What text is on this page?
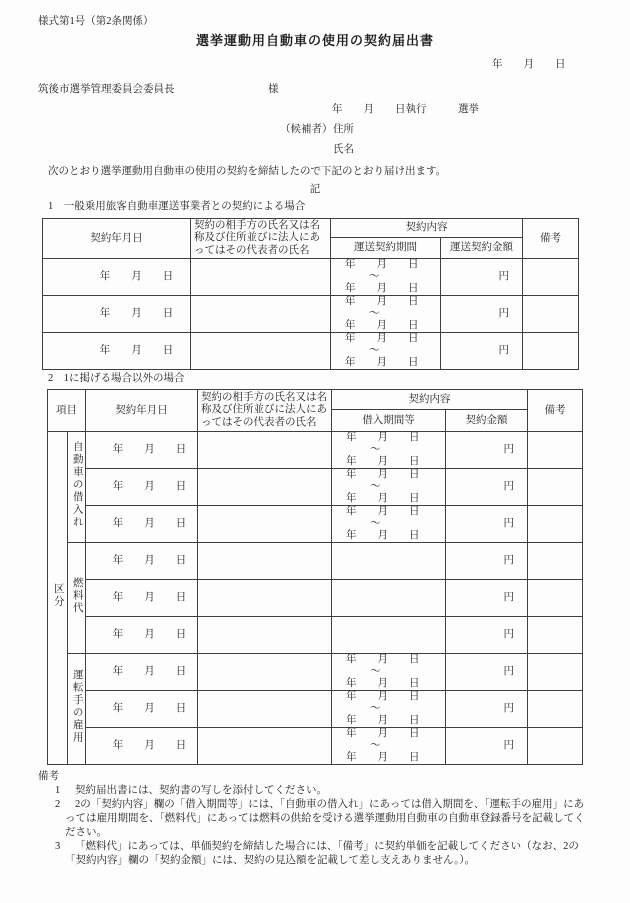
様式第1号（第2条関係）
選挙運動用自動車の使用の契約届出書
年　　月　　日
筑後市選挙管理委員会委員長	様
年　　月　　日執行　　　選挙
（候補者） 住所
氏名
次のとおり選挙運動用自動車の使用の契約を締結したので下記のとおり届け出ます。
記
1　一般乗用旅客自動車運送事業者との契約による場合
契約年月日	契約の相手方の氏名又は名称及び住所並びに法人にあってはその代表者の氏名	契約内容		備考
		運送契約期間	運送契約金額	
年　　月　　日		年　　月　　日
～
年　　月　　日	円	
年　　月　　日		年　　月　　日
～
年　　月　　日	円	
年　　月　　日		年　　月　　日
～
年　　月　　日	円	
2　1に掲げる場合以外の場合
項目		契約年月日	契約の相手方の氏名又は名称及び住所並びに法人にあってはその代表者の氏名	契約内容		備考
				借入期間等	契約金額	
区分	自動車の借入れ	年　　月　　日		年　　月　　日
～
年　　月　　日	円	
		年　　月　　日		年　　月　　日
～
年　　月　　日	円	
		年　　月　　日		年　　月　　日
～
年　　月　　日	円	
	燃料代	年　　月　　日			円	
		年　　月　　日			円	
		年　　月　　日			円	
	運転手の雇用	年　　月　　日		年　　月　　日
～
年　　月　　日	円	
		年　　月　　日		年　　月　　日
～
年　　月　　日	円	
		年　　月　　日		年　　月　　日
～
年　　月　　日	円	
備考
1	契約届出書には、契約書の写しを添付してください。
2	2の「契約内容」欄の「借入期間等」には、「自動車の借入れ」にあっては借入期間を、「運転手の雇用」にあっては雇用期間を、「燃料代」にあっては燃料の供給を受ける選挙運動用自動車の自動車登録番号を記載してください。
3	「燃料代」にあっては、単価契約を締結した場合には、「備考」に契約単価を記載してください（なお、2の「契約内容」欄の「契約金額」には、契約の見込額を記載して差し支えありません。）。
